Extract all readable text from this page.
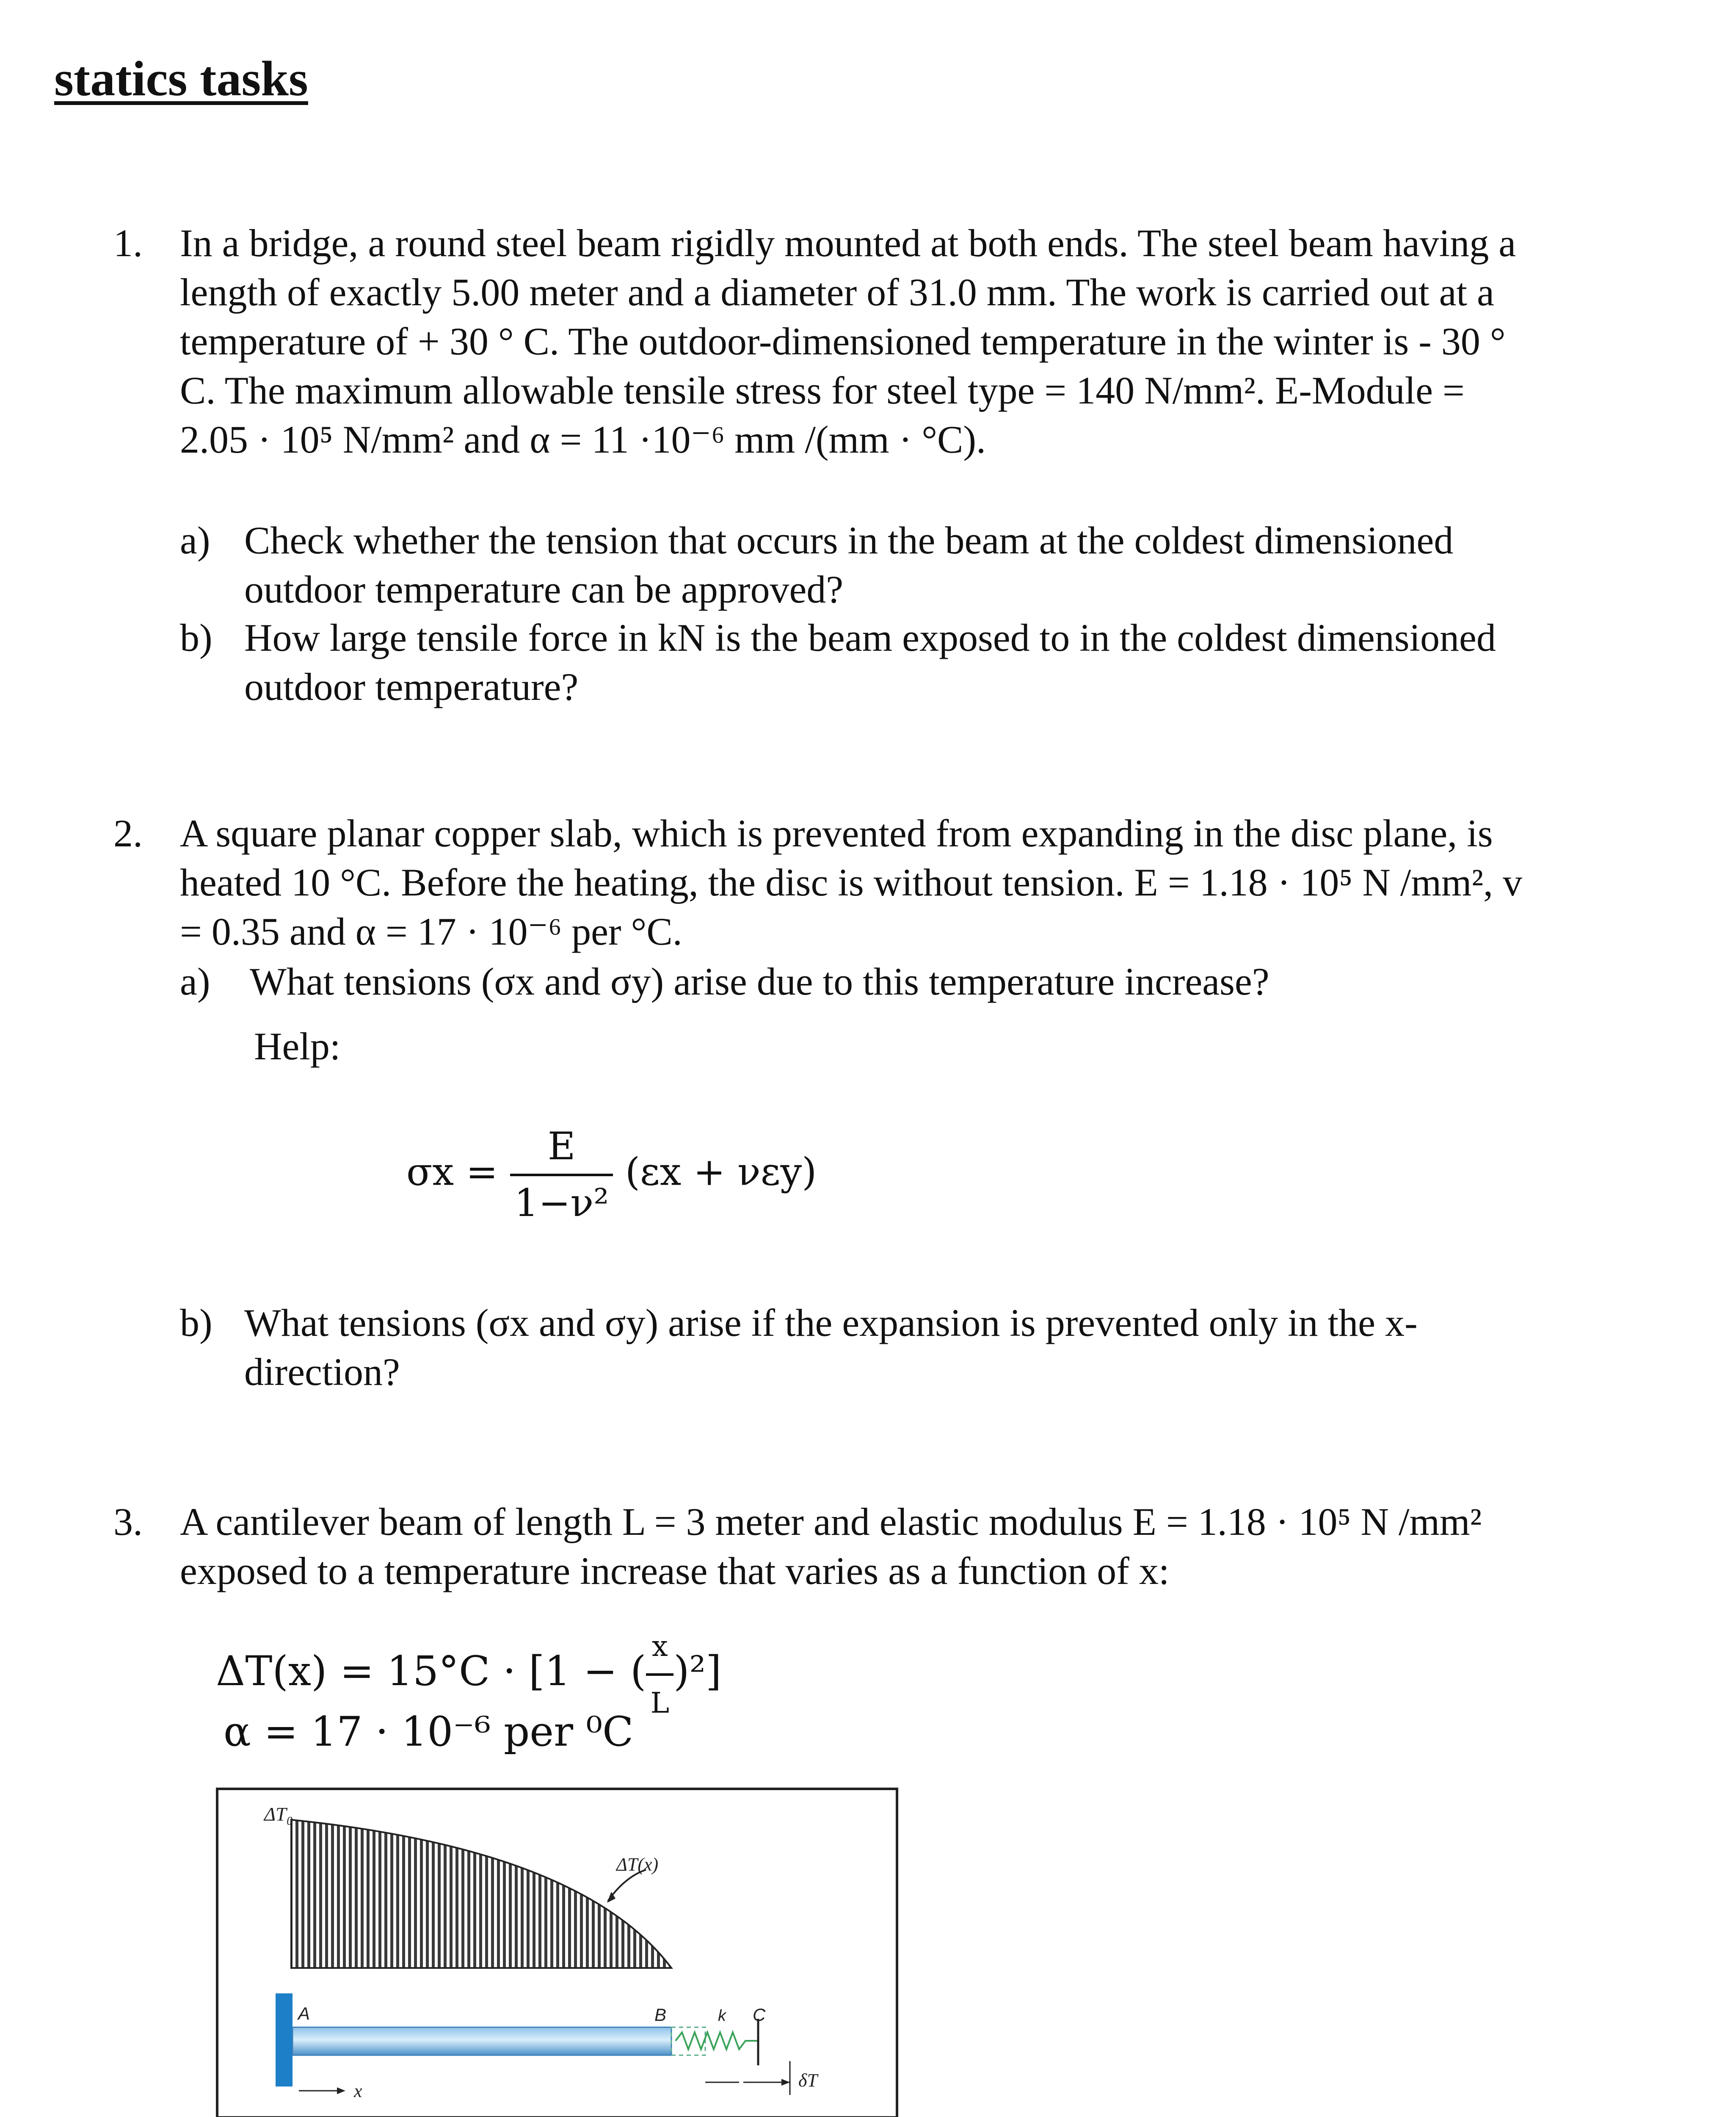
statics tasks
1. In a bridge, a round steel beam rigidly mounted at both ends. The steel beam having a
length of exactly 5.00 meter and a diameter of 31.0 mm. The work is carried out at a
temperature of + 30 ° C. The outdoor-dimensioned temperature in the winter is - 30 °
C. The maximum allowable tensile stress for steel type = 140 N/mm². E-Module =
2.05 · 10⁵ N/mm² and α = 11 ·10⁻⁶ mm /(mm · °C).
a) Check whether the tension that occurs in the beam at the coldest dimensioned
outdoor temperature can be approved?
b) How large tensile force in kN is the beam exposed to in the coldest dimensioned
outdoor temperature?
2. A square planar copper slab, which is prevented from expanding in the disc plane, is
heated 10 °C. Before the heating, the disc is without tension. E = 1.18 · 10⁵ N /mm², v
= 0.35 and α = 17 · 10⁻⁶ per °C.
a) What tensions (σx and σy) arise due to this temperature increase?
Help:
$\sigma x = \frac{E}{\text{1−ν²}} (\varepsilon x + \nu\varepsilon y)$
b) What tensions (σx and σy) arise if the expansion is prevented only in the x-
direction?
3. A cantilever beam of length L = 3 meter and elastic modulus E = 1.18 · 10⁵ N /mm²
exposed to a temperature increase that varies as a function of x:
ΔT(x) = 15°C · [1 − ( $\frac{x}{L} )^2$]
α = 17 · 10⁻⁶ per ⁰C
ΔT₀
ΔT(x)
A	B	k C
x
δT
